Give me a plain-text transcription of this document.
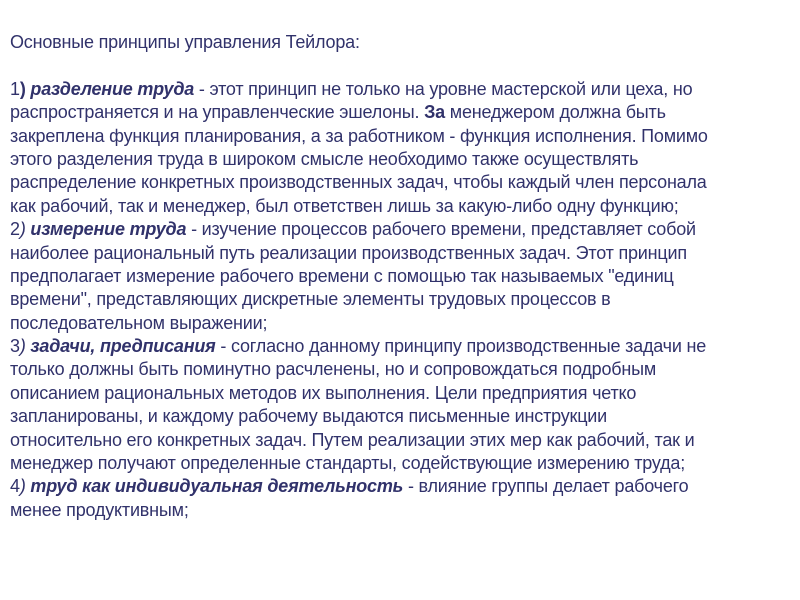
Основные принципы управления Тейлора:
1) разделение труда - этот принцип не только на уровне мастерской или цеха, но
распространяется и на управленческие эшелоны. За менеджером должна быть
закреплена функция планирования, а за работником - функция исполнения. Помимо
этого разделения труда в широком смысле необходимо также осуществлять
распределение конкретных производственных задач, чтобы каждый член персонала
как рабочий, так и менеджер, был ответствен лишь за какую-либо одну функцию;
2) измерение труда - изучение процессов рабочего времени, представляет собой
наиболее рациональный путь реализации производственных задач. Этот принцип
предполагает измерение рабочего времени с помощью так называемых "единиц
времени", представляющих дискретные элементы трудовых процессов в
последовательном выражении;
3) задачи, предписания - согласно данному принципу производственные задачи не
только должны быть поминутно расчленены, но и сопровождаться подробным
описанием рациональных методов их выполнения. Цели предприятия четко
запланированы, и каждому рабочему выдаются письменные инструкции
относительно его конкретных задач. Путем реализации этих мер как рабочий, так и
менеджер получают определенные стандарты, содействующие измерению труда;
4) труд как индивидуальная деятельность - влияние группы делает рабочего
менее продуктивным;
